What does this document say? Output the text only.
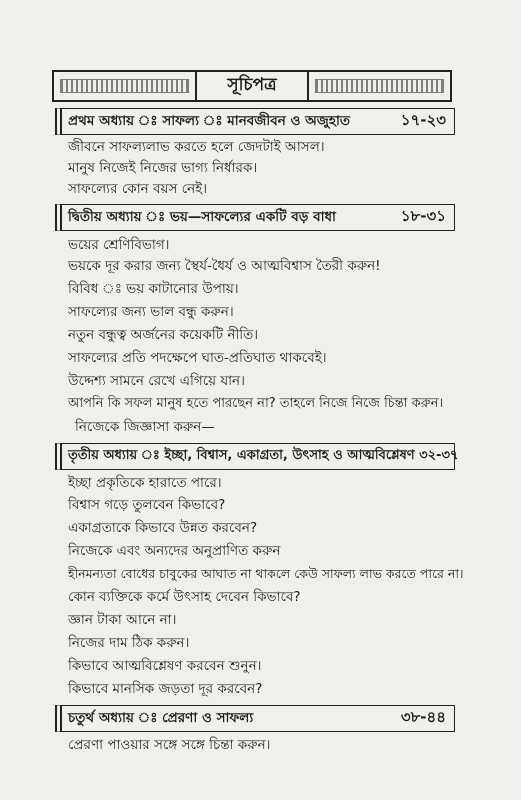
সূচিপত্র
প্রথম অধ্যায় ঃ সাফল্য ঃ মানবজীবন ও অজুহাত	১৭-২৩
জীবনে সাফল্যলাভ করতে হলে জেদটাই আসল।
মানুষ নিজেই নিজের ভাগ্য নির্ধারক।
সাফল্যের কোন বয়স নেই।
দ্বিতীয় অধ্যায় ঃ ভয়—সাফল্যের একটি বড় বাধা	১৮-৩১
ভয়ের শ্রেণিবিভাগ।
ভয়কে দূর করার জন্য স্থৈর্য-ধৈর্য ও আত্মবিশ্বাস তৈরী করুন!
বিবিধ ঃ ভয় কাটানোর উপায়।
সাফল্যের জন্য ভাল বন্ধু করুন।
নতুন বন্ধুত্ব অর্জনের কয়েকটি নীতি।
সাফল্যের প্রতি পদক্ষেপে ঘাত-প্রতিঘাত থাকবেই।
উদ্দেশ্য সামনে রেখে এগিয়ে যান।
আপনি কি সফল মানুষ হতে পারছেন না? তাহলে নিজে নিজে চিন্তা করুন।
নিজেকে জিজ্ঞাসা করুন—
তৃতীয় অধ্যায় ঃ ইচ্ছা, বিশ্বাস, একাগ্রতা, উৎসাহ ও আত্মবিশ্লেষণ ৩২-৩৭
ইচ্ছা প্রকৃতিকে হারাতে পারে।
বিশ্বাস গড়ে তুলবেন কিভাবে?
একাগ্রতাকে কিভাবে উন্নত করবেন?
নিজেকে এবং অন্যদের অনুপ্রাণিত করুন
হীনমন্যতা বোধের চাবুকের আঘাত না থাকলে কেউ সাফল্য লাভ করতে পারে না।
কোন ব্যক্তিকে কর্মে উৎসাহ দেবেন কিভাবে?
জ্ঞান টাকা আনে না।
নিজের দাম ঠিক করুন।
কিভাবে আত্মবিশ্লেষণ করবেন শুনুন।
কিভাবে মানসিক জড়তা দূর করবেন?
চতুর্থ অধ্যায় ঃ প্রেরণা ও সাফল্য	৩৮-৪৪
প্রেরণা পাওয়ার সঙ্গে সঙ্গে চিন্তা করুন।
